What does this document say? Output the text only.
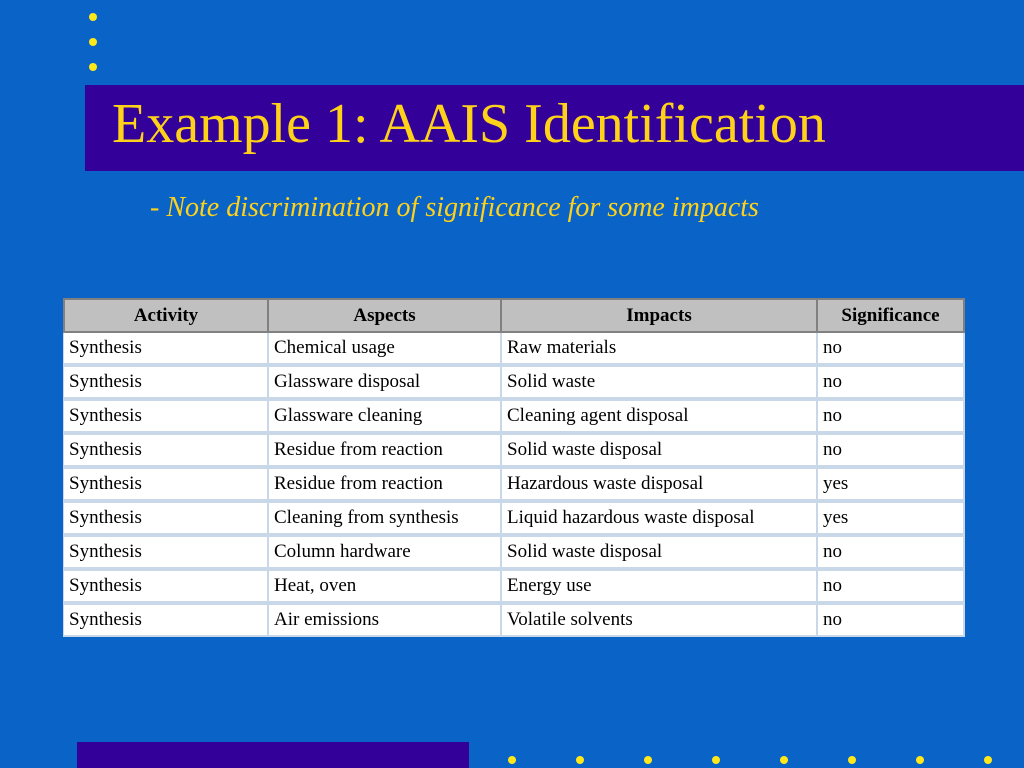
Example 1: AAIS Identification
- Note discrimination of significance for some impacts
Activity	Aspects	Impacts	Significance
Synthesis	Chemical usage	Raw materials	no
Synthesis	Glassware disposal	Solid waste	no
Synthesis	Glassware cleaning	Cleaning agent disposal	no
Synthesis	Residue from reaction	Solid waste disposal	no
Synthesis	Residue from reaction	Hazardous waste disposal	yes
Synthesis	Cleaning from synthesis	Liquid hazardous waste disposal	yes
Synthesis	Column hardware	Solid waste disposal	no
Synthesis	Heat, oven	Energy use	no
Synthesis	Air emissions	Volatile solvents	no
